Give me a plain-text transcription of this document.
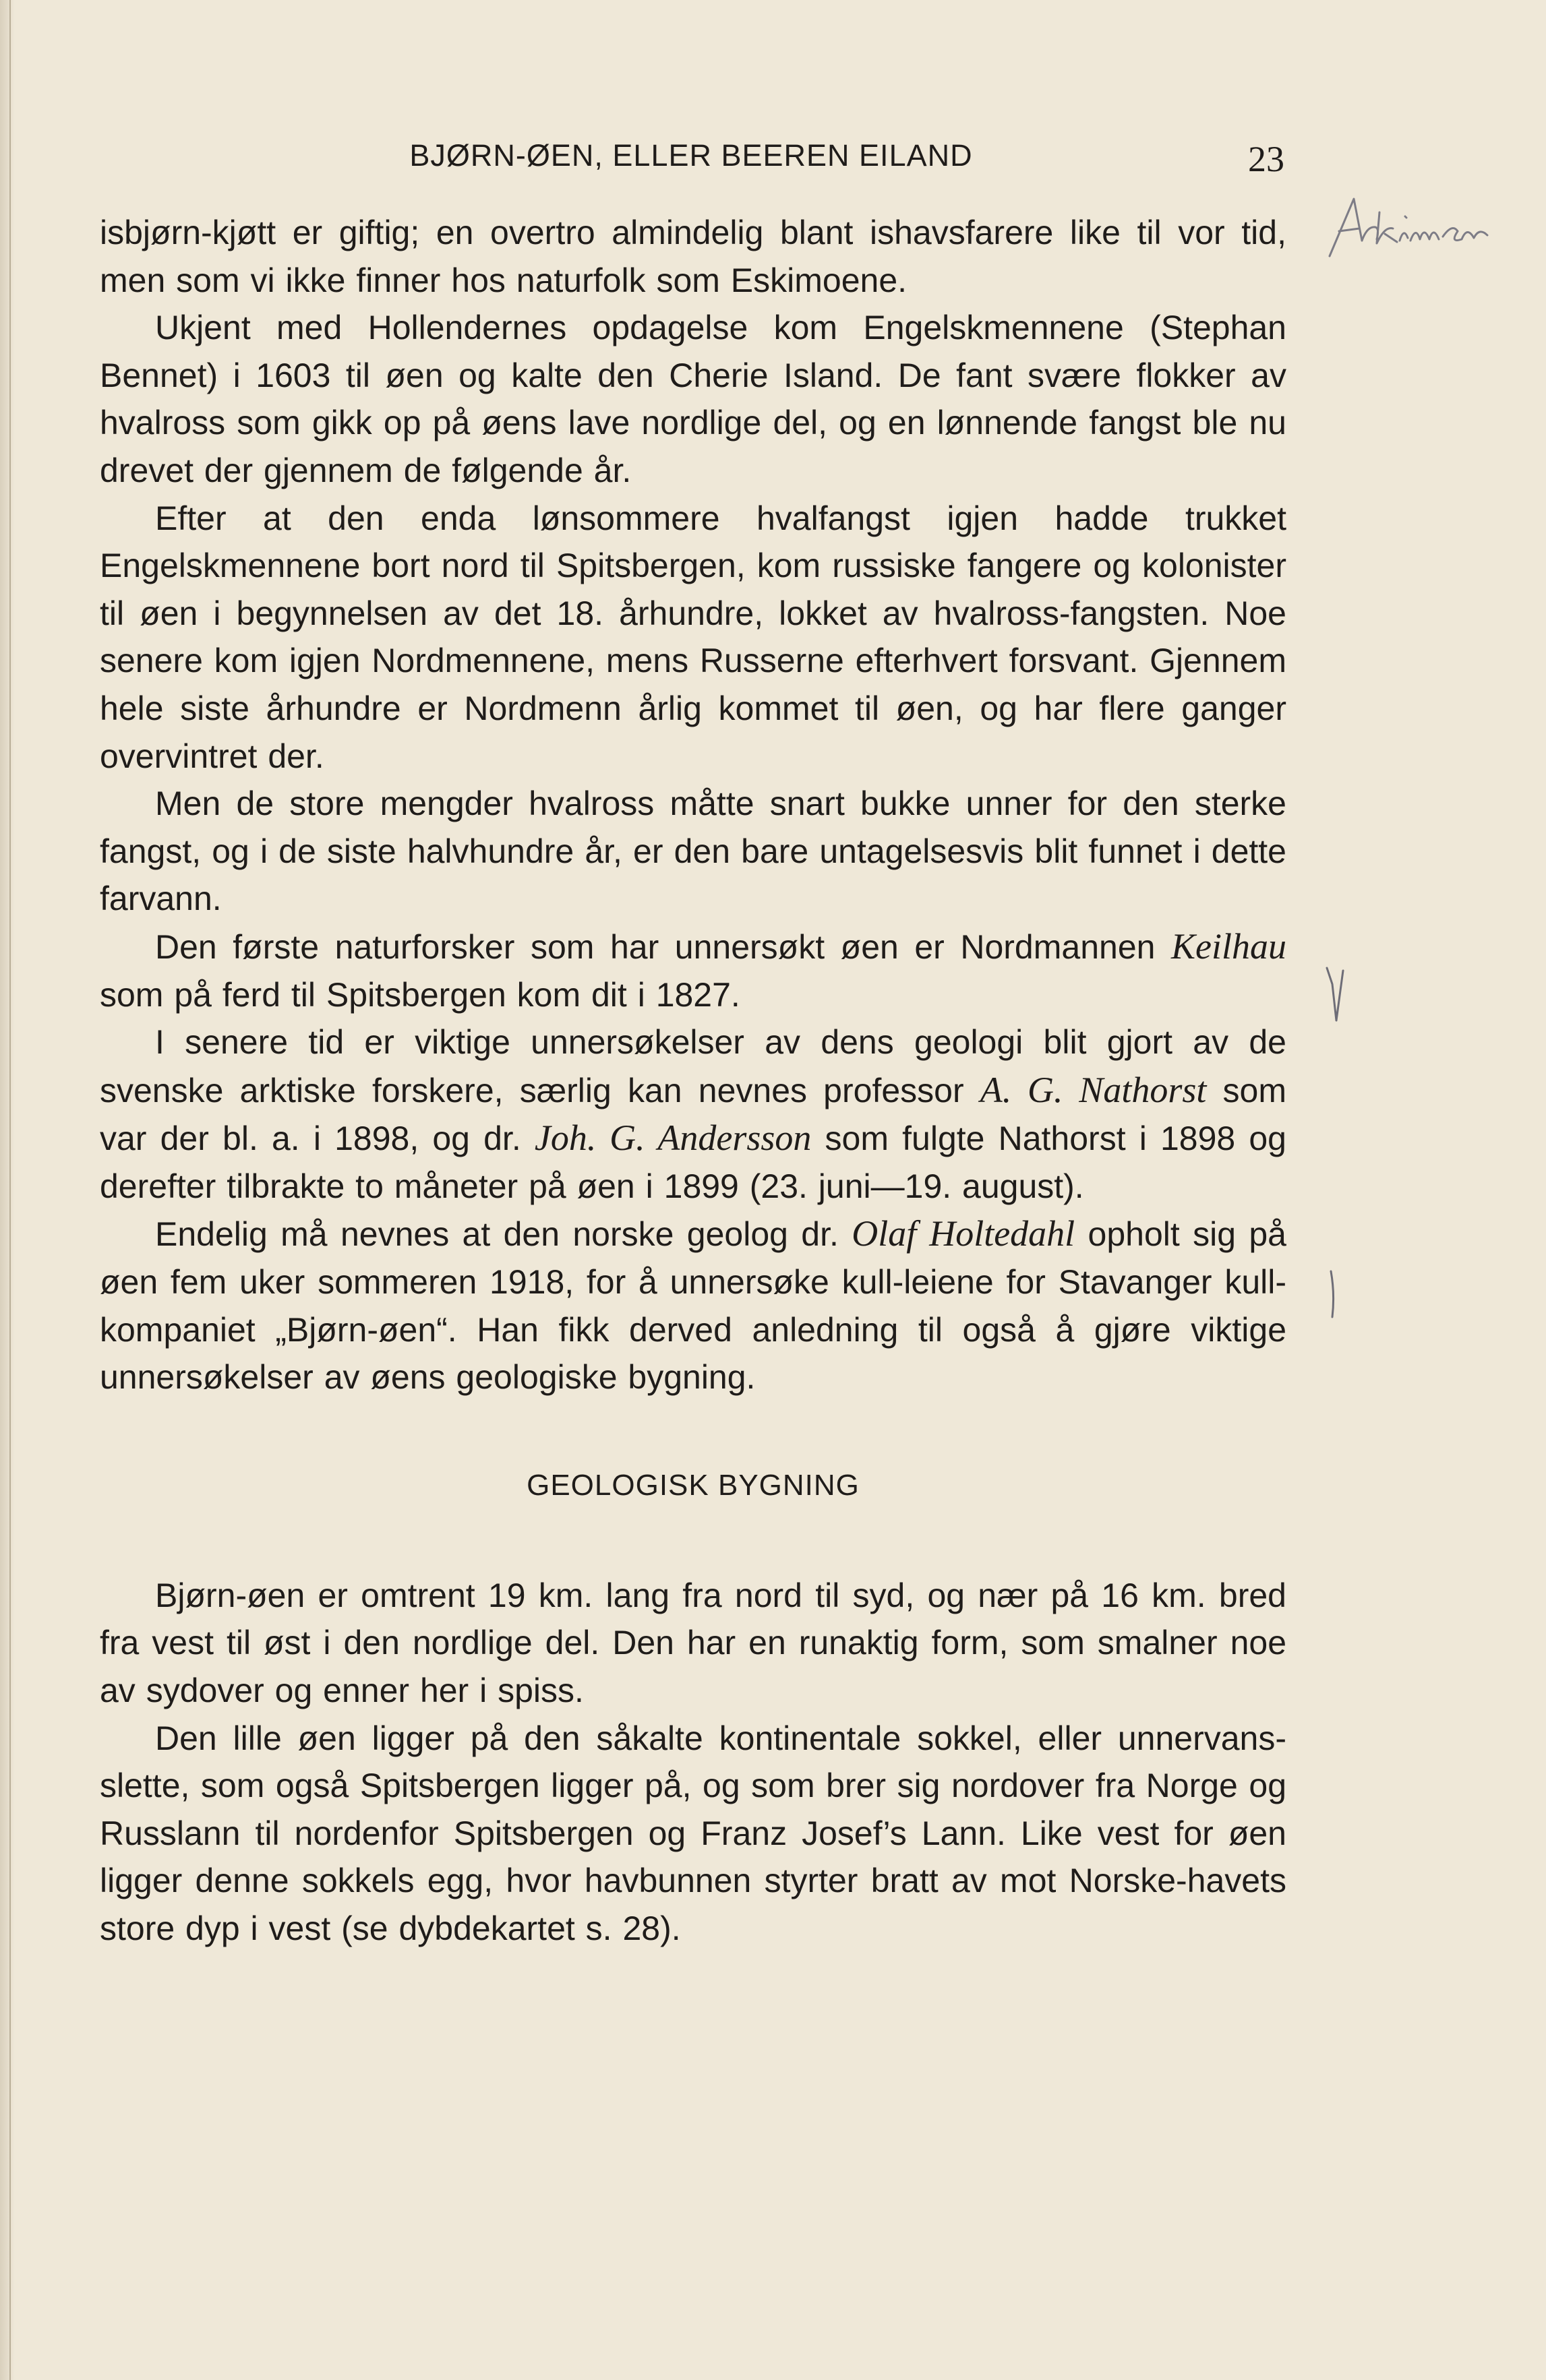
BJØRN-ØEN, ELLER BEEREN EILAND	23

isbjørn-kjøtt er giftig; en overtro almindelig blant ishavsfarere like til vor tid, men som vi ikke finner hos naturfolk som Eskimoene.

Ukjent med Hollendernes opdagelse kom Engelskmennene (Stephan Bennet) i 1603 til øen og kalte den Cherie Island. De fant svære flokker av hvalross som gikk op på øens lave nordlige del, og en lønnende fangst ble nu drevet der gjennem de følgende år.

Efter at den enda lønsommere hvalfangst igjen hadde trukket Engelskmennene bort nord til Spitsbergen, kom russiske fangere og kolonister til øen i begynnelsen av det 18. århundre, lokket av hvalross-fangsten. Noe senere kom igjen Nordmennene, mens Russerne efterhvert forsvant. Gjennem hele siste århundre er Nordmenn årlig kommet til øen, og har flere ganger overvintret der.

Men de store mengder hvalross måtte snart bukke unner for den sterke fangst, og i de siste halvhundre år, er den bare untagelsesvis blit funnet i dette farvann.

Den første naturforsker som har unnersøkt øen er Nordmannen Keilhau som på ferd til Spitsbergen kom dit i 1827.

I senere tid er viktige unnersøkelser av dens geologi blit gjort av de svenske arktiske forskere, særlig kan nevnes professor A. G. Nathorst som var der bl. a. i 1898, og dr. Joh. G. Andersson som fulgte Nathorst i 1898 og derefter tilbrakte to måneter på øen i 1899 (23. juni—19. august).

Endelig må nevnes at den norske geolog dr. Olaf Holtedahl opholt sig på øen fem uker sommeren 1918, for å unnersøke kull-leiene for Stavanger kull-kompaniet „Bjørn-øen“. Han fikk derved anledning til også å gjøre viktige unnersøkelser av øens geologiske bygning.

GEOLOGISK BYGNING

Bjørn-øen er omtrent 19 km. lang fra nord til syd, og nær på 16 km. bred fra vest til øst i den nordlige del. Den har en runaktig form, som smalner noe av sydover og enner her i spiss.

Den lille øen ligger på den såkalte kontinentale sokkel, eller unnervans-slette, som også Spitsbergen ligger på, og som brer sig nordover fra Norge og Russlann til nordenfor Spitsbergen og Franz Josef’s Lann. Like vest for øen ligger denne sokkels egg, hvor havbunnen styrter bratt av mot Norske-havets store dyp i vest (se dybdekartet s. 28).
